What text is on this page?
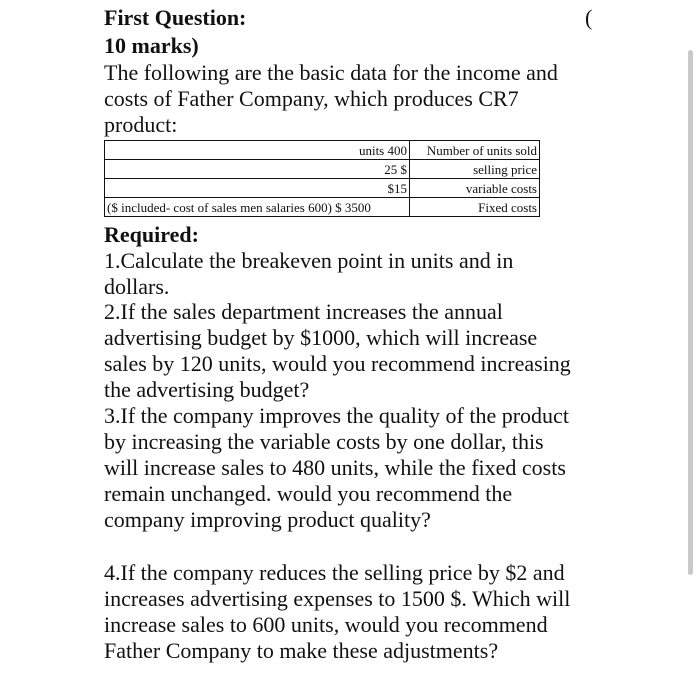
First Question:	(
10 marks)
The following are the basic data for the income and
costs of Father Company, which produces CR7
product:
units 400	Number of units sold
25 $	selling price
$15	variable costs
($ included- cost of sales men salaries 600) $ 3500	Fixed costs
Required:
1.Calculate the breakeven point in units and in
dollars.
2.If the sales department increases the annual
advertising budget by $1000, which will increase
sales by 120 units, would you recommend increasing
the advertising budget?
3.If the company improves the quality of the product
by increasing the variable costs by one dollar, this
will increase sales to 480 units, while the fixed costs
remain unchanged. would you recommend the
company improving product quality?
4.If the company reduces the selling price by $2 and
increases advertising expenses to 1500 $. Which will
increase sales to 600 units, would you recommend
Father Company to make these adjustments?
